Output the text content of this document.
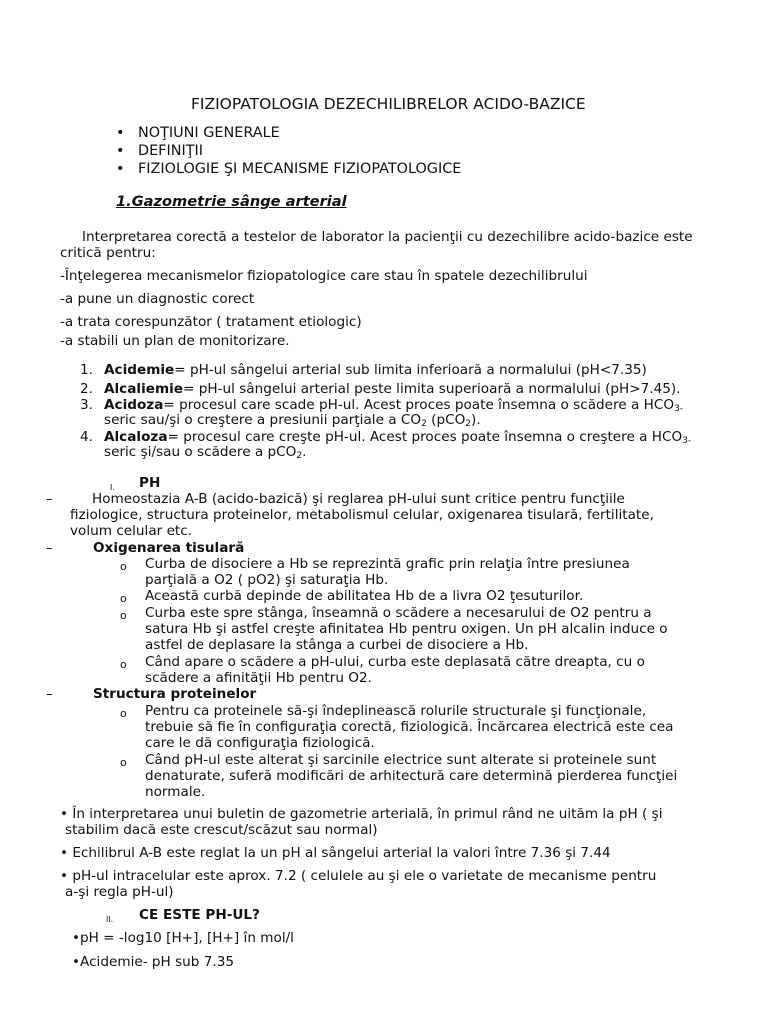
FIZIOPATOLOGIA DEZECHILIBRELOR ACIDO-BAZICE
• NOŢIUNI GENERALE
• DEFINIŢII
• FIZIOLOGIE ŞI MECANISME FIZIOPATOLOGICE
1.Gazometrie sânge arterial
Interpretarea corectă a testelor de laborator la pacienţii cu dezechilibre acido-bazice este
critică pentru:
-Înţelegerea mecanismelor fiziopatologice care stau în spatele dezechilibrului
-a pune un diagnostic corect
-a trata corespunzător ( tratament etiologic)
-a stabili un plan de monitorizare.
1. Acidemie= pH-ul sângelui arterial sub limita inferioară a normalului (pH<7.35)
2. Alcaliemie= pH-ul sângelui arterial peste limita superioară a normalului (pH>7.45).
3. Acidoza= procesul care scade pH-ul. Acest proces poate însemna o scădere a $HCO_{3-}$
seric sau/şi o creştere a presiunii parţiale a $CO_2$ (pCO$_2$).
4. Alcaloza= procesul care creşte pH-ul. Acest proces poate însemna o creştere a $HCO_{3-}$
seric şi/sau o scădere a pCO$_2$.
I. PH
–	Homeostazia A-B (acido-bazică) şi reglarea pH-ului sunt critice pentru funcţiile
fiziologice, structura proteinelor, metabolismul celular, oxigenarea tisulară, fertilitate,
volum celular etc.
–	Oxigenarea tisulară
o Curba de disociere a Hb se reprezintă grafic prin relaţia între presiunea
parţială a O2 ( pO2) şi saturaţia Hb.
o Această curbă depinde de abilitatea Hb de a livra O2 ţesuturilor.
o Curba este spre stânga, înseamnă o scădere a necesarului de O2 pentru a
satura Hb şi astfel creşte afinitatea Hb pentru oxigen. Un pH alcalin induce o
astfel de deplasare la stânga a curbei de disociere a Hb.
o Când apare o scădere a pH-ului, curba este deplasată către dreapta, cu o
scădere a afinităţii Hb pentru O2.
–	Structura proteinelor
o Pentru ca proteinele să-şi îndeplinească rolurile structurale şi funcţionale,
trebuie să fie în configuraţia corectă, fiziologică. Încărcarea electrică este cea
care le dă configuraţia fiziologică.
o Când pH-ul este alterat şi sarcinile electrice sunt alterate si proteinele sunt
denaturate, suferă modificări de arhitectură care determină pierderea funcţiei
normale.
• În interpretarea unui buletin de gazometrie arterială, în primul rând ne uităm la pH ( şi
stabilim dacă este crescut/scăzut sau normal)
• Echilibrul A-B este reglat la un pH al sângelui arterial la valori între 7.36 şi 7.44
• pH-ul intracelular este aprox. 7.2 ( celulele au şi ele o varietate de mecanisme pentru
a-şi regla pH-ul)
II. CE ESTE PH-UL?
•pH = -log10 [H+], [H+] în mol/l
•Acidemie- pH sub 7.35
